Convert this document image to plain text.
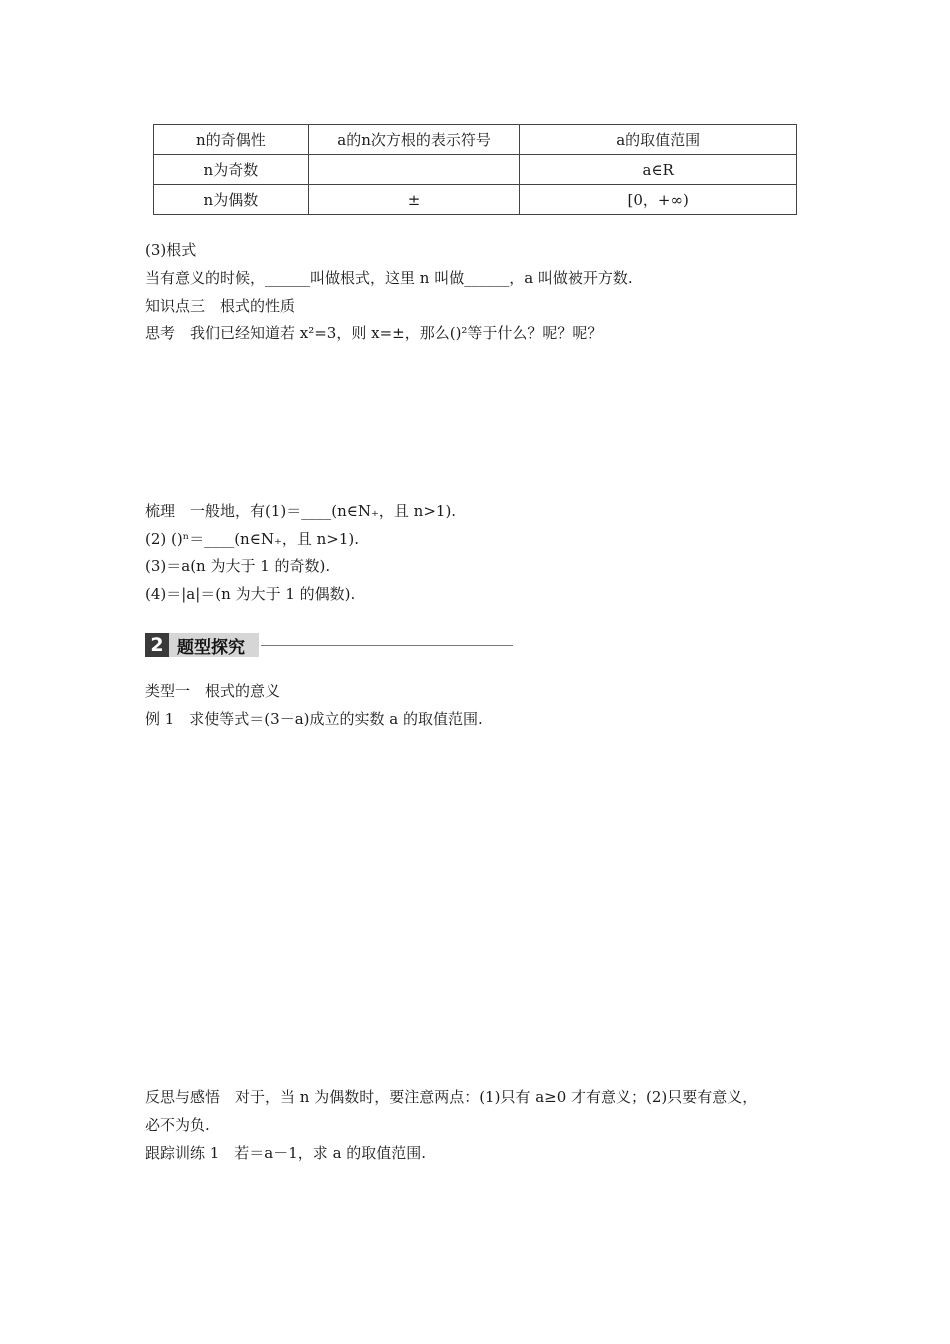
n的奇偶性	a的n次方根的表示符号	a的取值范围
n为奇数		a∈R
n为偶数	±	[0，+∞)
(3)根式
当有意义的时候，______叫做根式，这里 n 叫做______，a 叫做被开方数.
知识点三　根式的性质
思考　我们已经知道若 x²=3，则 x=±，那么()²等于什么？呢？呢？
梳理　一般地，有(1)＝____(n∈N₊，且 n>1).
(2) ()ⁿ＝____(n∈N₊，且 n>1).
(3)＝a(n 为大于 1 的奇数).
(4)＝|a|＝(n 为大于 1 的偶数).
2 题型探究
类型一　根式的意义
例 1　求使等式＝(3－a)成立的实数 a 的取值范围.
反思与感悟　对于，当 n 为偶数时，要注意两点：(1)只有 a≥0 才有意义；(2)只要有意义，
必不为负.
跟踪训练 1　若＝a－1，求 a 的取值范围.
